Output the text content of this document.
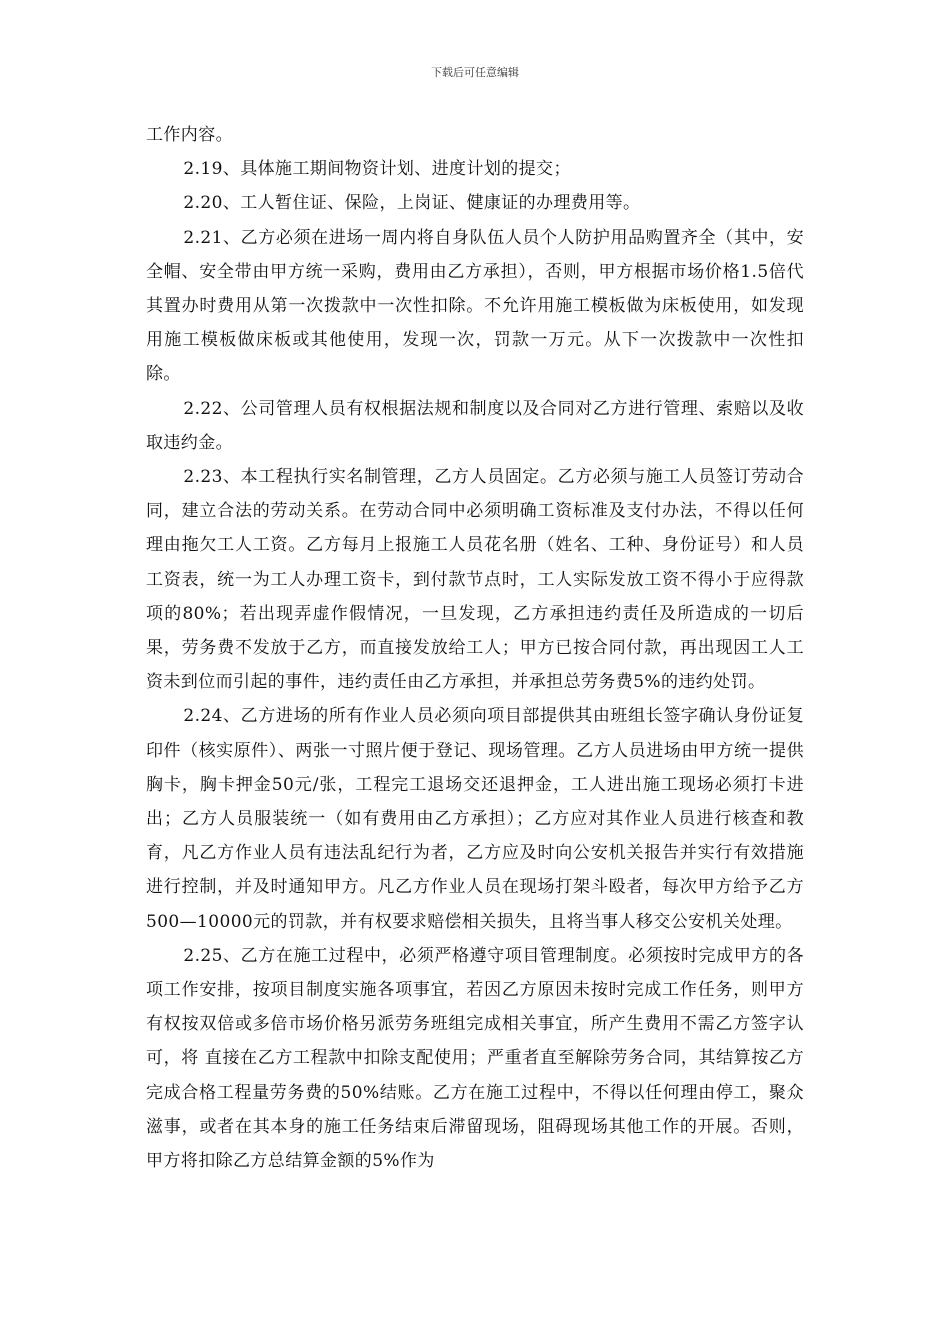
下载后可任意编辑

工作内容。

2.19、具体施工期间物资计划、进度计划的提交；

2.20、工人暂住证、保险，上岗证、健康证的办理费用等。

2.21、乙方必须在进场一周内将自身队伍人员个人防护用品购置齐全（其中，安全帽、安全带由甲方统一采购，费用由乙方承担），否则，甲方根据市场价格1.5倍代其置办时费用从第一次拨款中一次性扣除。不允许用施工模板做为床板使用，如发现用施工模板做床板或其他使用，发现一次，罚款一万元。从下一次拨款中一次性扣除。

2.22、公司管理人员有权根据法规和制度以及合同对乙方进行管理、索赔以及收取违约金。

2.23、本工程执行实名制管理，乙方人员固定。乙方必须与施工人员签订劳动合同，建立合法的劳动关系。在劳动合同中必须明确工资标准及支付办法，不得以任何理由拖欠工人工资。乙方每月上报施工人员花名册（姓名、工种、身份证号）和人员工资表，统一为工人办理工资卡，到付款节点时，工人实际发放工资不得小于应得款项的80%；若出现弄虚作假情况，一旦发现，乙方承担违约责任及所造成的一切后果，劳务费不发放于乙方，而直接发放给工人；甲方已按合同付款，再出现因工人工资未到位而引起的事件，违约责任由乙方承担，并承担总劳务费5%的违约处罚。

2.24、乙方进场的所有作业人员必须向项目部提供其由班组长签字确认身份证复印件（核实原件）、两张一寸照片便于登记、现场管理。乙方人员进场由甲方统一提供胸卡，胸卡押金50元/张，工程完工退场交还退押金，工人进出施工现场必须打卡进出；乙方人员服装统一（如有费用由乙方承担）；乙方应对其作业人员进行核查和教育，凡乙方作业人员有违法乱纪行为者，乙方应及时向公安机关报告并实行有效措施进行控制，并及时通知甲方。凡乙方作业人员在现场打架斗殴者，每次甲方给予乙方500—10000元的罚款，并有权要求赔偿相关损失，且将当事人移交公安机关处理。

2.25、乙方在施工过程中，必须严格遵守项目管理制度。必须按时完成甲方的各项工作安排，按项目制度实施各项事宜，若因乙方原因未按时完成工作任务，则甲方有权按双倍或多倍市场价格另派劳务班组完成相关事宜，所产生费用不需乙方签字认可，将 直接在乙方工程款中扣除支配使用；严重者直至解除劳务合同，其结算按乙方完成合格工程量劳务费的50%结账。乙方在施工过程中，不得以任何理由停工，聚众滋事，或者在其本身的施工任务结束后滞留现场，阻碍现场其他工作的开展。否则，甲方将扣除乙方总结算金额的5%作为
